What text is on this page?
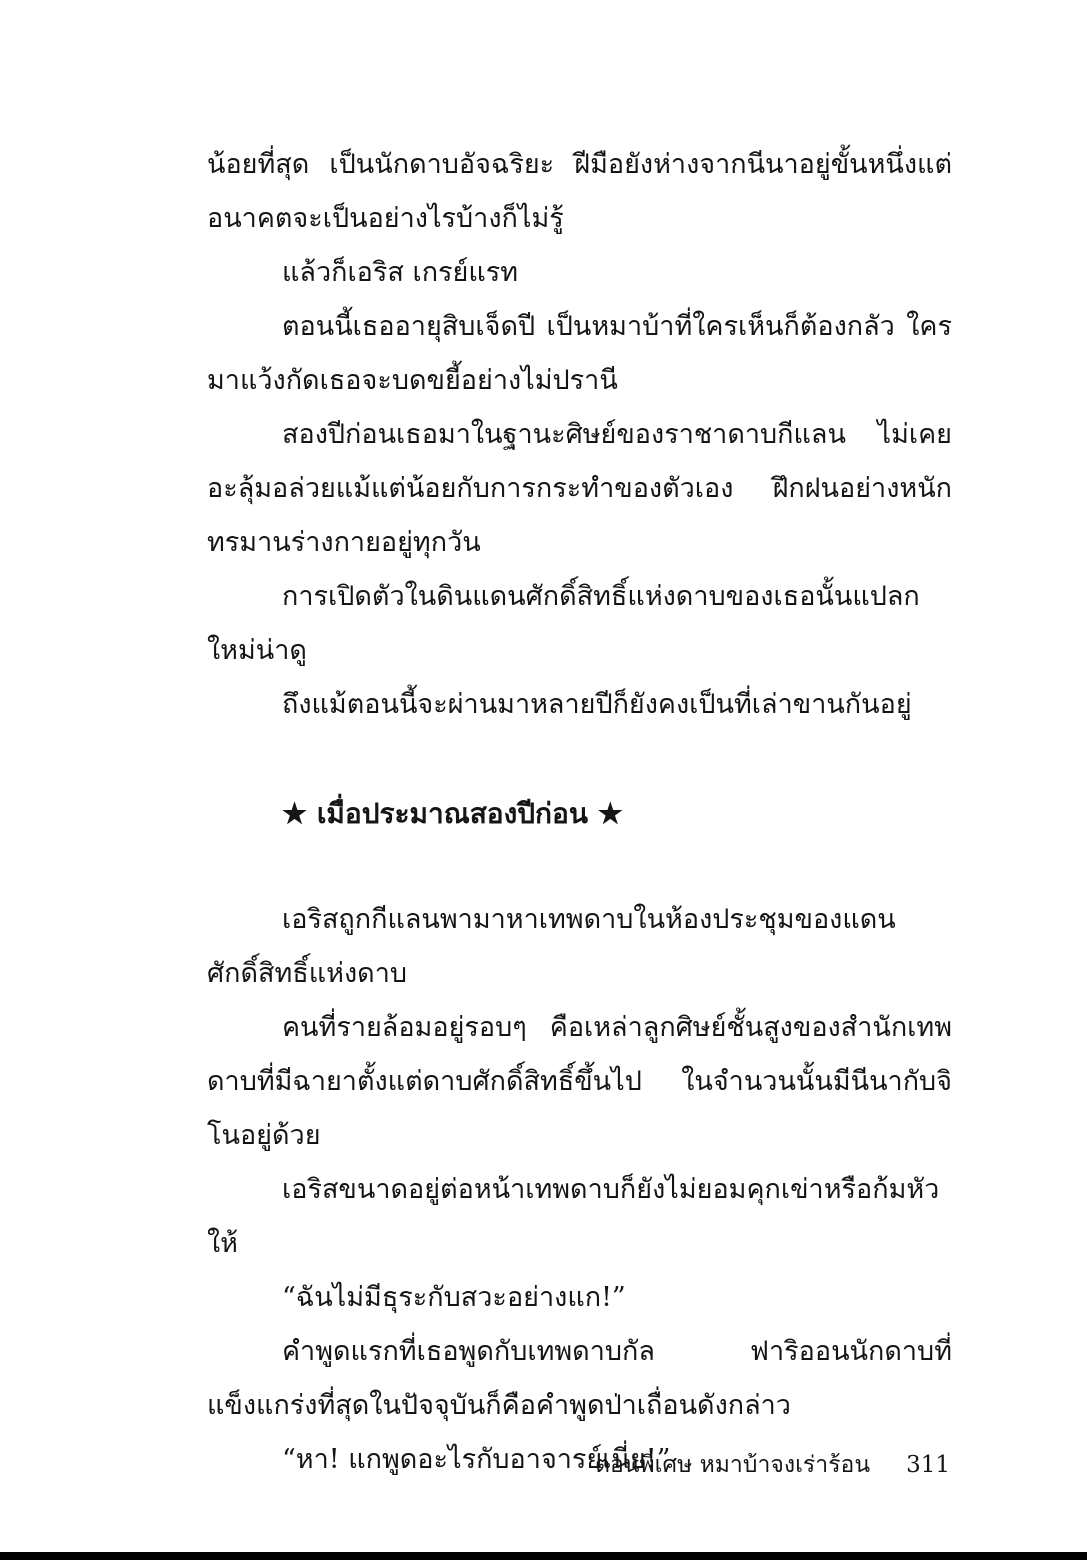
น้อยที่สุด เป็นนักดาบอัจฉริยะ ฝีมือยังห่างจากนีนาอยู่ขั้นหนึ่งแต่อนาคตจะเป็นอย่างไรบ้างก็ไม่รู้

แล้วก็เอริส เกรย์แรท

ตอนนี้เธออายุสิบเจ็ดปี เป็นหมาบ้าที่ใครเห็นก็ต้องกลัว ใครมาแว้งกัดเธอจะบดขยี้อย่างไม่ปรานี

สองปีก่อนเธอมาในฐานะศิษย์ของราชาดาบกีแลน ไม่เคยอะลุ้มอล่วยแม้แต่น้อยกับการกระทำของตัวเอง ฝึกฝนอย่างหนัก ทรมานร่างกายอยู่ทุกวัน

การเปิดตัวในดินแดนศักดิ์สิทธิ์แห่งดาบของเธอนั้นแปลกใหม่น่าดู

ถึงแม้ตอนนี้จะผ่านมาหลายปีก็ยังคงเป็นที่เล่าขานกันอยู่

★ เมื่อประมาณสองปีก่อน ★

เอริสถูกกีแลนพามาหาเทพดาบในห้องประชุมของแดนศักดิ์สิทธิ์แห่งดาบ

คนที่รายล้อมอยู่รอบๆ คือเหล่าลูกศิษย์ชั้นสูงของสำนักเทพดาบที่มีฉายาตั้งแต่ดาบศักดิ์สิทธิ์ขึ้นไป ในจำนวนนั้นมีนีนากับจิโนอยู่ด้วย

เอริสขนาดอยู่ต่อหน้าเทพดาบก็ยังไม่ยอมคุกเข่าหรือก้มหัวให้

“ฉันไม่มีธุระกับสวะอย่างแก!”

คำพูดแรกที่เธอพูดกับเทพดาบกัล ฟาริออนนักดาบที่แข็งแกร่งที่สุดในปัจจุบันก็คือคำพูดป่าเถื่อนดังกล่าว

“หา! แกพูดอะไรกับอาจารย์เนี่ย!”

ตอนพิเศษ หมาบ้าจงเร่าร้อน 311
